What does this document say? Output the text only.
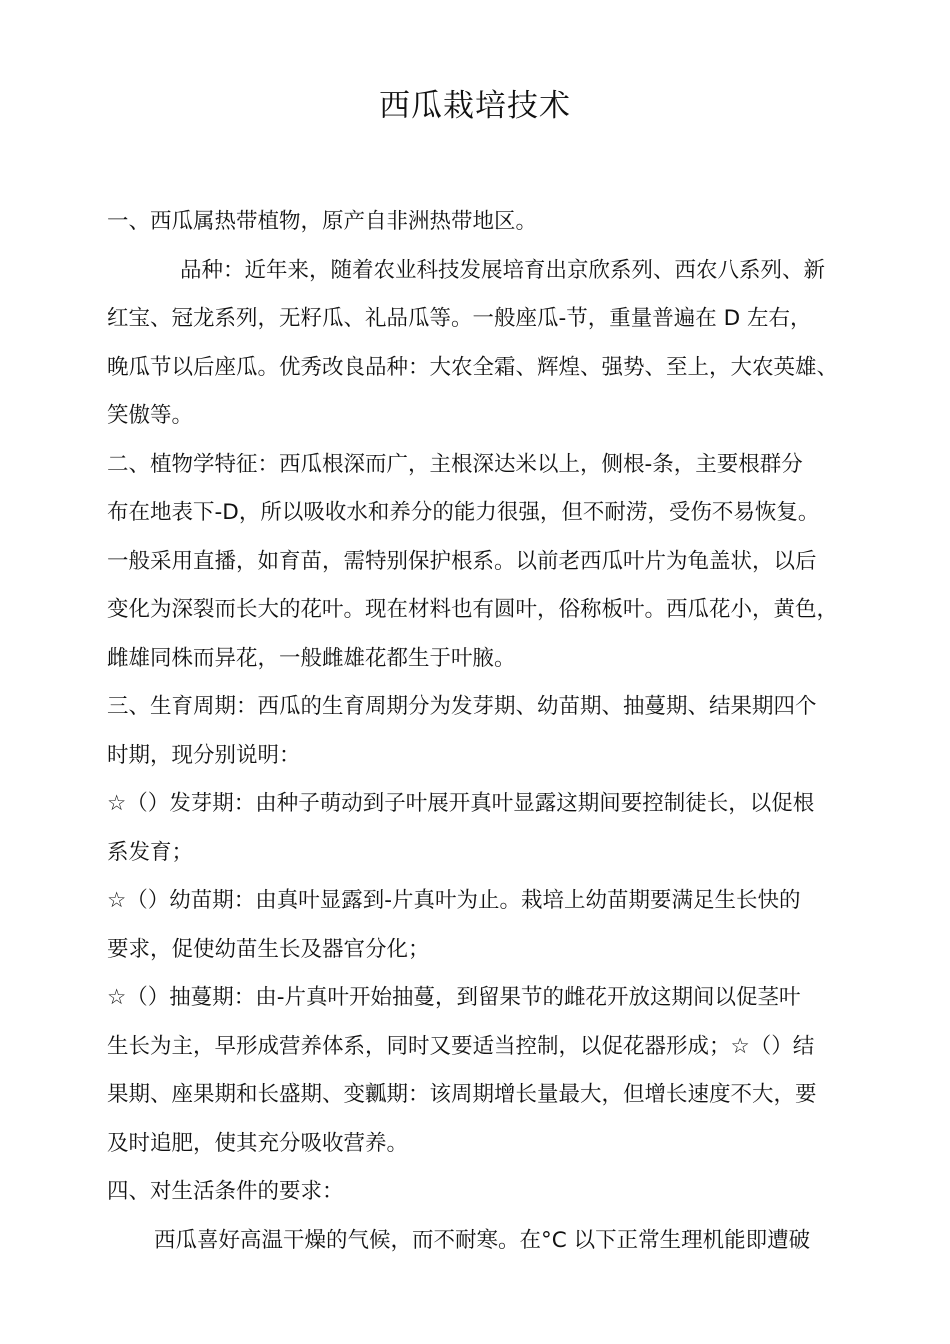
西瓜栽培技术
一、西瓜属热带植物，原产自非洲热带地区。
品种：近年来，随着农业科技发展培育出京欣系列、西农八系列、新
红宝、冠龙系列，无籽瓜、礼品瓜等。一般座瓜-节，重量普遍在 D 左右，
晚瓜节以后座瓜。优秀改良品种：大农全霜、辉煌、强势、至上，大农英雄、
笑傲等。
二、植物学特征：西瓜根深而广，主根深达米以上，侧根-条，主要根群分
布在地表下-D，所以吸收水和养分的能力很强，但不耐涝，受伤不易恢复。
一般采用直播，如育苗，需特别保护根系。以前老西瓜叶片为龟盖状，以后
变化为深裂而长大的花叶。现在材料也有圆叶，俗称板叶。西瓜花小，黄色，
雌雄同株而异花，一般雌雄花都生于叶腋。
三、生育周期：西瓜的生育周期分为发芽期、幼苗期、抽蔓期、结果期四个
时期，现分别说明：
☆（）发芽期：由种子萌动到子叶展开真叶显露这期间要控制徒长，以促根
系发育；
☆（）幼苗期：由真叶显露到-片真叶为止。栽培上幼苗期要满足生长快的
要求，促使幼苗生长及器官分化；
☆（）抽蔓期：由-片真叶开始抽蔓，到留果节的雌花开放这期间以促茎叶
生长为主，早形成营养体系，同时又要适当控制，以促花器形成；☆（）结
果期、座果期和长盛期、变瓤期：该周期增长量最大，但增长速度不大，要
及时追肥，使其充分吸收营养。
四、对生活条件的要求：
西瓜喜好高温干燥的气候，而不耐寒。在°C 以下正常生理机能即遭破
